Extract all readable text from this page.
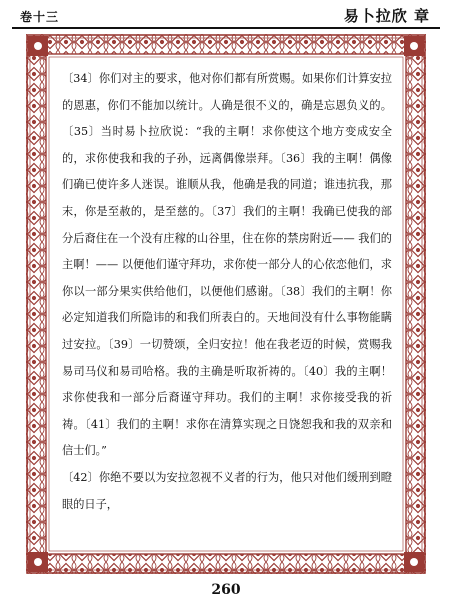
卷十三	易卜拉欣 章

〔34〕你们对主的要求，他对你们都有所赏赐。如果你们计算安拉的恩惠，你们不能加以统计。人确是很不义的，确是忘恩负义的。〔35〕当时易卜拉欣说：“我的主啊！求你使这个地方变成安全的，求你使我和我的子孙，远离偶像崇拜。〔36〕我的主啊！偶像们确已使许多人迷误。谁顺从我，他确是我的同道；谁违抗我，那末，你是至赦的，是至慈的。〔37〕我们的主啊！我确已使我的部分后裔住在一个没有庄稼的山谷里，住在你的禁房附近—— 我们的主啊！—— 以便他们谨守拜功，求你使一部分人的心依恋他们，求你以一部分果实供给他们，以便他们感谢。〔38〕我们的主啊！你必定知道我们所隐讳的和我们所表白的。天地间没有什么事物能瞒过安拉。〔39〕一切赞颂，全归安拉！他在我老迈的时候，赏赐我易司马仪和易司哈格。我的主确是听取祈祷的。〔40〕我的主啊！求你使我和一部分后裔谨守拜功。我们的主啊！求你接受我的祈祷。〔41〕我们的主啊！求你在清算实现之日饶恕我和我的双亲和信士们。”

〔42〕你绝不要以为安拉忽视不义者的行为，他只对他们缓刑到瞪眼的日子，

260
